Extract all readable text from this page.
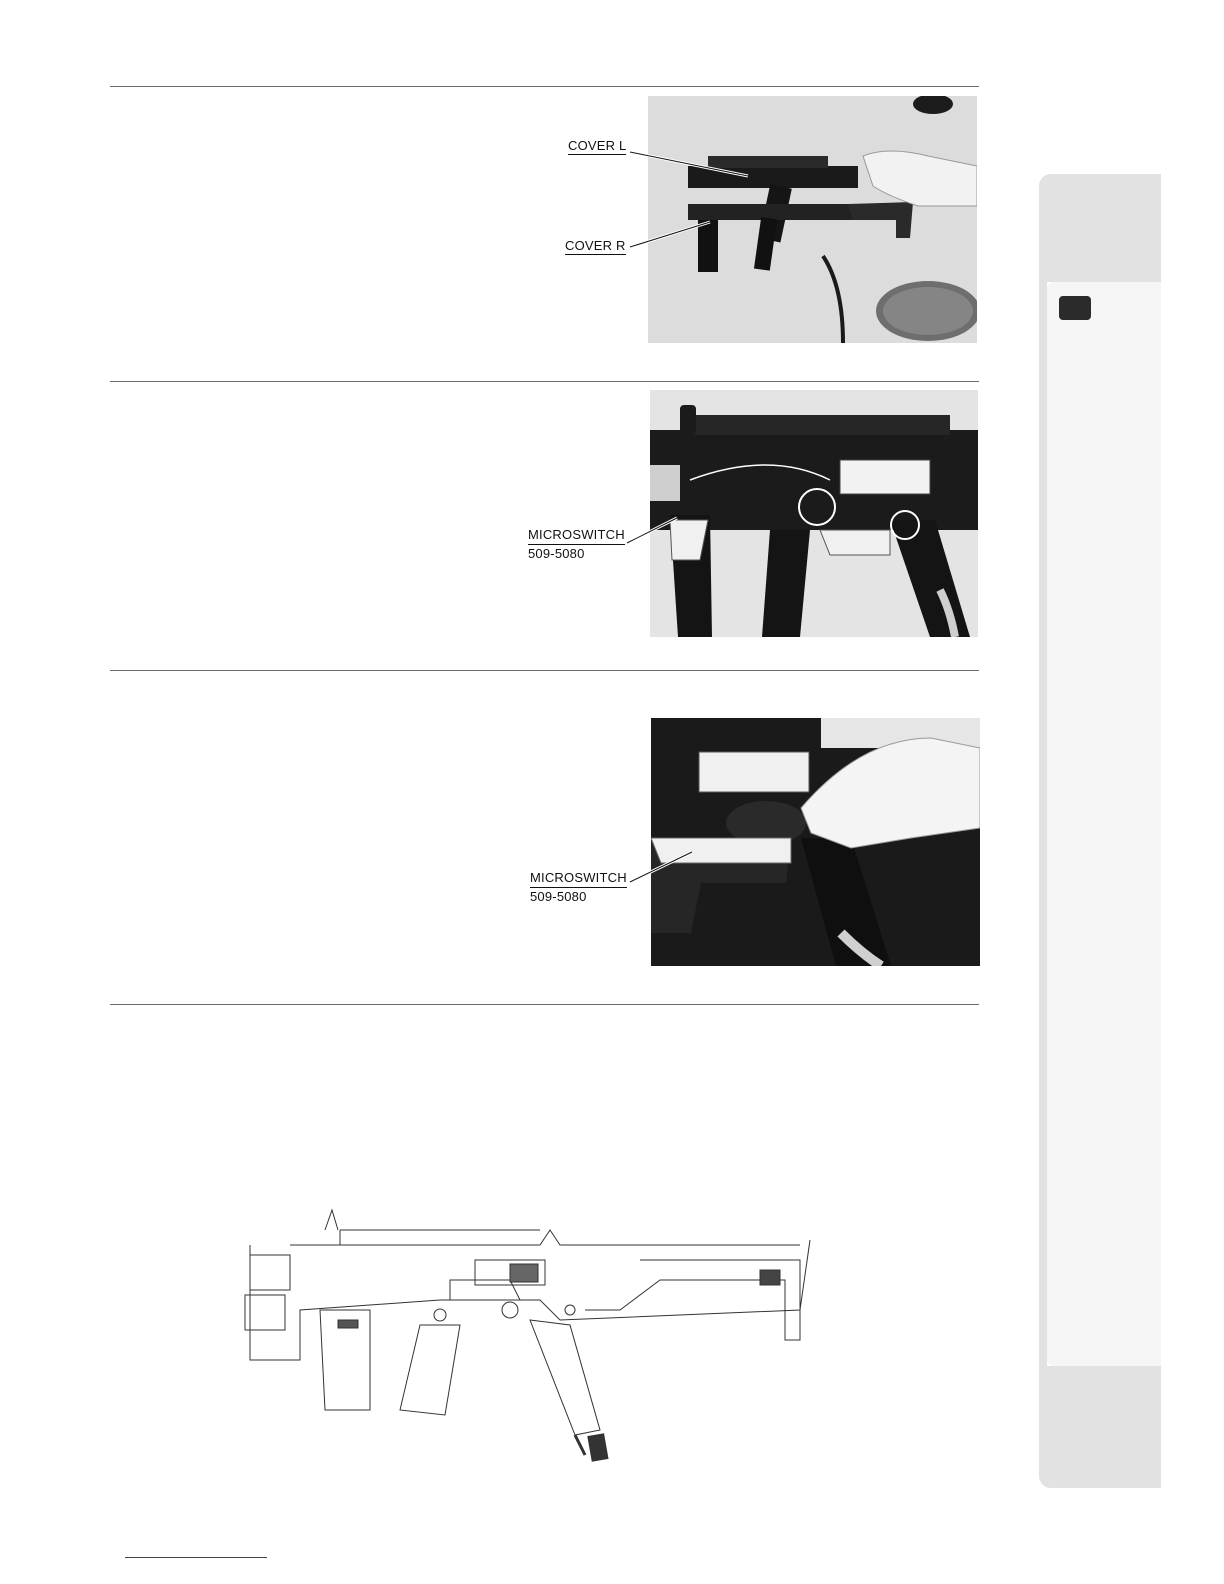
COVER L
COVER R
MICROSWITCH
509-5080
MICROSWITCH
509-5080
